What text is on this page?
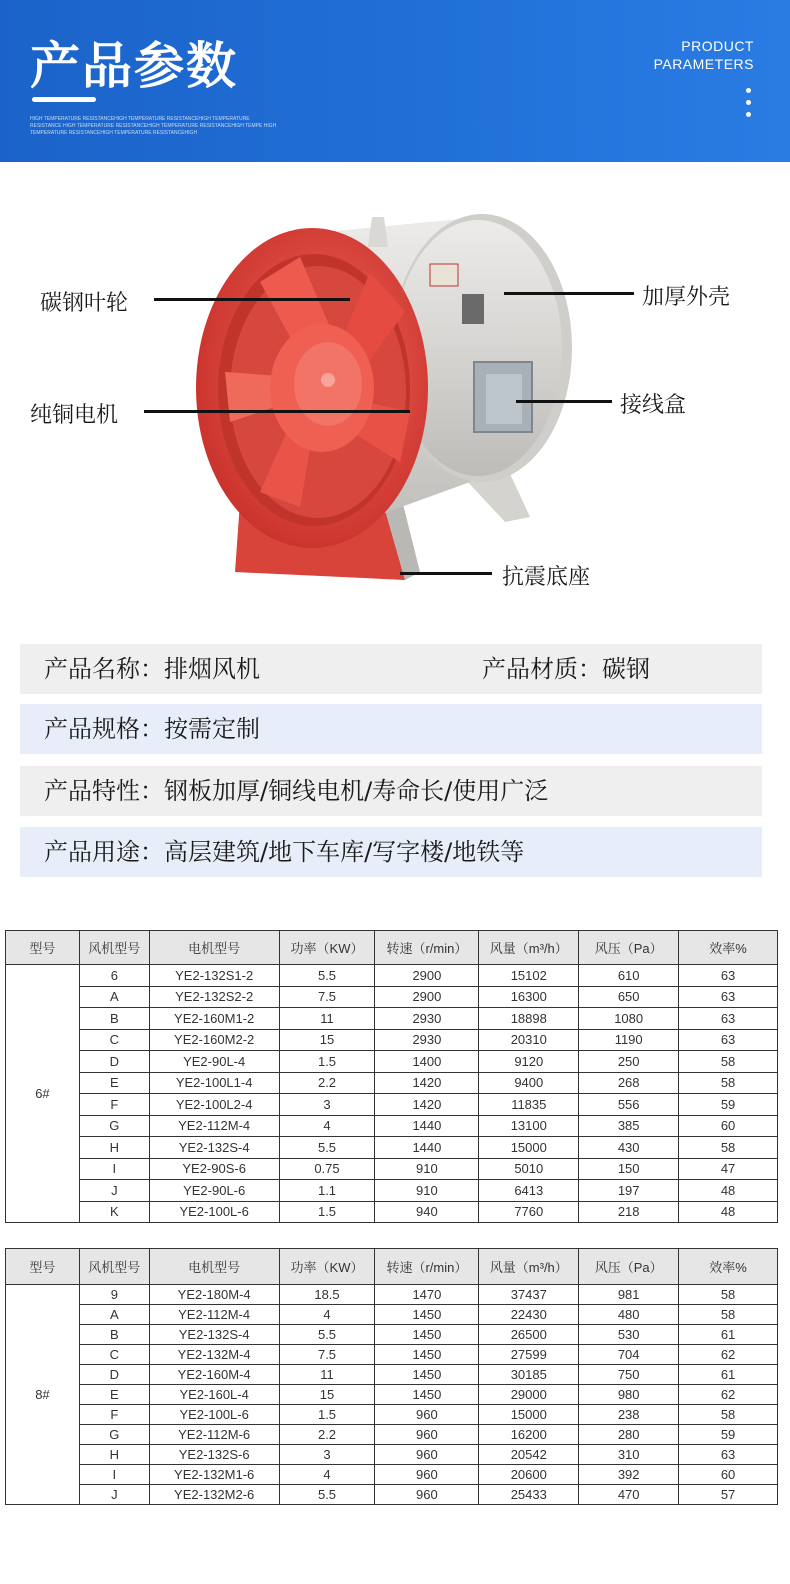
产品参数
HIGH TEMPERATURE RESISTANCEHIGH TEMPERATURE RESISTANCEHIGH TEMPERATURE RESISTANCE HIGH TEMPERATURE RESISTANCEHIGH TEMPERATURE RESISTANCEHIGH TEMPE HIGH TEMPERATURE RESISTANCEHIGH TEMPERATURE RESISTANCEHIGH
PRODUCT
PARAMETERS
碳钢叶轮
纯铜电机
加厚外壳
接线盒
抗震底座
产品名称：排烟风机	产品材质：碳钢
产品规格：按需定制
产品特性：钢板加厚/铜线电机/寿命长/使用广泛
产品用途：高层建筑/地下车库/写字楼/地铁等
型号	风机型号	电机型号	功率（KW）	转速（r/min）	风量（m³/h）	风压（Pa）	效率%
6#	6	YE2-132S1-2	5.5	2900	15102	610	63
	A	YE2-132S2-2	7.5	2900	16300	650	63
	B	YE2-160M1-2	11	2930	18898	1080	63
	C	YE2-160M2-2	15	2930	20310	1190	63
	D	YE2-90L-4	1.5	1400	9120	250	58
	E	YE2-100L1-4	2.2	1420	9400	268	58
	F	YE2-100L2-4	3	1420	11835	556	59
	G	YE2-112M-4	4	1440	13100	385	60
	H	YE2-132S-4	5.5	1440	15000	430	58
	I	YE2-90S-6	0.75	910	5010	150	47
	J	YE2-90L-6	1.1	910	6413	197	48
	K	YE2-100L-6	1.5	940	7760	218	48
型号	风机型号	电机型号	功率（KW）	转速（r/min）	风量（m³/h）	风压（Pa）	效率%
8#	9	YE2-180M-4	18.5	1470	37437	981	58
	A	YE2-112M-4	4	1450	22430	480	58
	B	YE2-132S-4	5.5	1450	26500	530	61
	C	YE2-132M-4	7.5	1450	27599	704	62
	D	YE2-160M-4	11	1450	30185	750	61
	E	YE2-160L-4	15	1450	29000	980	62
	F	YE2-100L-6	1.5	960	15000	238	58
	G	YE2-112M-6	2.2	960	16200	280	59
	H	YE2-132S-6	3	960	20542	310	63
	I	YE2-132M1-6	4	960	20600	392	60
	J	YE2-132M2-6	5.5	960	25433	470	57
